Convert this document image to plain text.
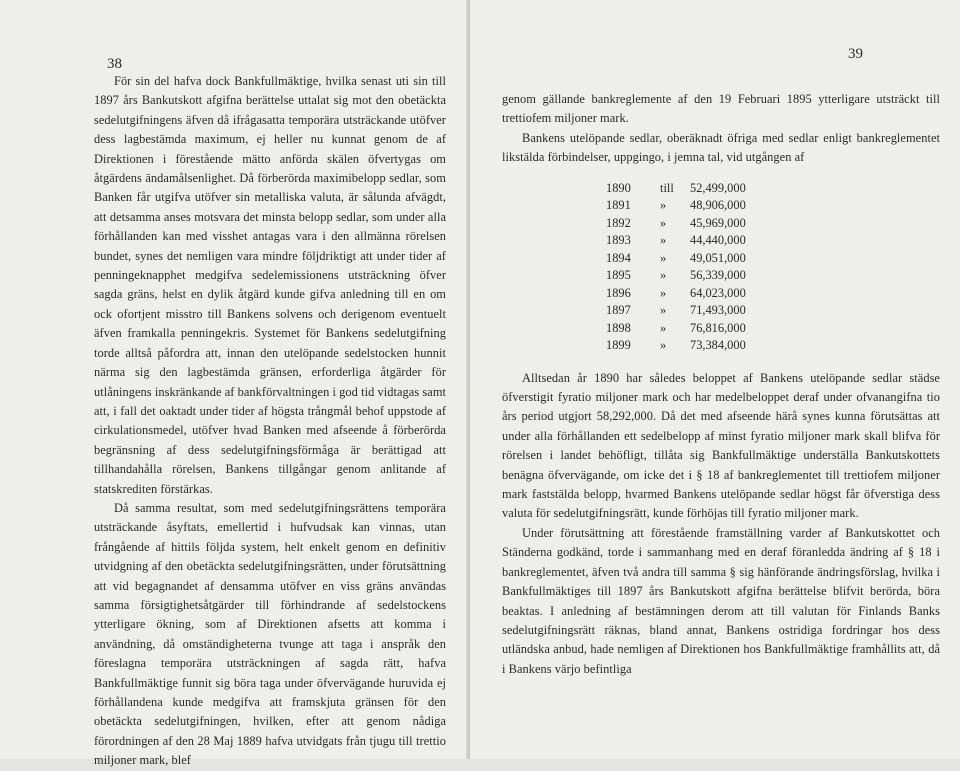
38

För sin del hafva dock Bankfullmäktige, hvilka senast uti sin till 1897 års Bankutskott afgifna berättelse uttalat sig mot den obetäckta sedelutgifningens äfven då ifrågasatta temporära utsträckande utöfver dess lagbestämda maximum, ej heller nu kunnat genom de af Direktionen i förestående mätto anförda skälen öfvertygas om åtgärdens ändamålsenlighet. Då förberörda maximibelopp sedlar, som Banken får utgifva utöfver sin metalliska valuta, är sålunda afvägdt, att detsamma anses motsvara det minsta belopp sedlar, som under alla förhållanden kan med visshet antagas vara i den allmänna rörelsen bundet, synes det nemligen vara mindre följdriktigt att under tider af penningeknapphet medgifva sedelemissionens utsträckning öfver sagda gräns, helst en dylik åtgärd kunde gifva anledning till en om ock ofortjent misstro till Bankens solvens och derigenom eventuelt äfven framkalla penningekris. Systemet för Bankens sedelutgifning torde alltså påfordra att, innan den utelöpande sedelstocken hunnit närma sig den lagbestämda gränsen, erforderliga åtgärder för utlåningens inskränkande af bankförvaltningen i god tid vidtagas samt att, i fall det oaktadt under tider af högsta trångmål behof uppstode af cirkulationsmedel, utöfver hvad Banken med afseende å förberörda begränsning af dess sedelutgifningsförmåga är berättigad att tillhandahålla rörelsen, Bankens tillgångar genom anlitande af statskrediten förstärkas.

Då samma resultat, som med sedelutgifningsrättens temporära utsträckande åsyftats, emellertid i hufvudsak kan vinnas, utan frångående af hittils följda system, helt enkelt genom en definitiv utvidgning af den obetäckta sedelutgifningsrätten, under förutsättning att vid begagnandet af densamma utöfver en viss gräns användas samma försigtighetsåtgärder till förhindrande af sedelstockens ytterligare ökning, som af Direktionen afsetts att komma i användning, då omständigheterna tvunge att taga i anspråk den föreslagna temporära utsträckningen af sagda rätt, hafva Bankfullmäktige funnit sig böra taga under öfvervägande huruvida ej förhållandena kunde medgifva att framskjuta gränsen för den obetäckta sedelutgifningen, hvilken, efter att genom nådiga förordningen af den 28 Maj 1889 hafva utvidgats från tjugu till trettio miljoner mark, blef

39

genom gällande bankreglemente af den 19 Februari 1895 ytterligare utsträckt till trettiofem miljoner mark.

Bankens utelöpande sedlar, oberäknadt öfriga med sedlar enligt bankreglementet likstälda förbindelser, uppgingo, i jemna tal, vid utgången af

1890	till	52,499,000
1891	»	48,906,000
1892	»	45,969,000
1893	»	44,440,000
1894	»	49,051,000
1895	»	56,339,000
1896	»	64,023,000
1897	»	71,493,000
1898	»	76,816,000
1899	»	73,384,000

Alltsedan år 1890 har således beloppet af Bankens utelöpande sedlar städse öfverstigit fyratio miljoner mark och har medelbeloppet deraf under ofvanangifna tio års period utgjort 58,292,000. Då det med afseende härå synes kunna förutsättas att under alla förhållanden ett sedelbelopp af minst fyratio miljoner mark skall blifva för rörelsen i landet behöfligt, tillåta sig Bankfullmäktige underställa Bankutskottets benägna öfvervägande, om icke det i § 18 af bankreglementet till trettiofem miljoner mark faststälda belopp, hvarmed Bankens utelöpande sedlar högst får öfverstiga dess valuta för sedelutgifningsrätt, kunde förhöjas till fyratio miljoner mark.

Under förutsättning att förestående framställning varder af Bankutskottet och Ständerna godkänd, torde i sammanhang med en deraf föranledda ändring af § 18 i bankreglementet, äfven två andra till samma § sig hänförande ändringsförslag, hvilka i Bankfullmäktiges till 1897 års Bankutskott afgifna berättelse blifvit berörda, böra beaktas. I anledning af bestämningen derom att till valutan för Finlands Banks sedelutgifningsrätt räknas, bland annat, Bankens ostridiga fordringar hos dess utländska anbud, hade nemligen af Direktionen hos Bankfullmäktige framhållits att, då i Bankens värjo befintliga
